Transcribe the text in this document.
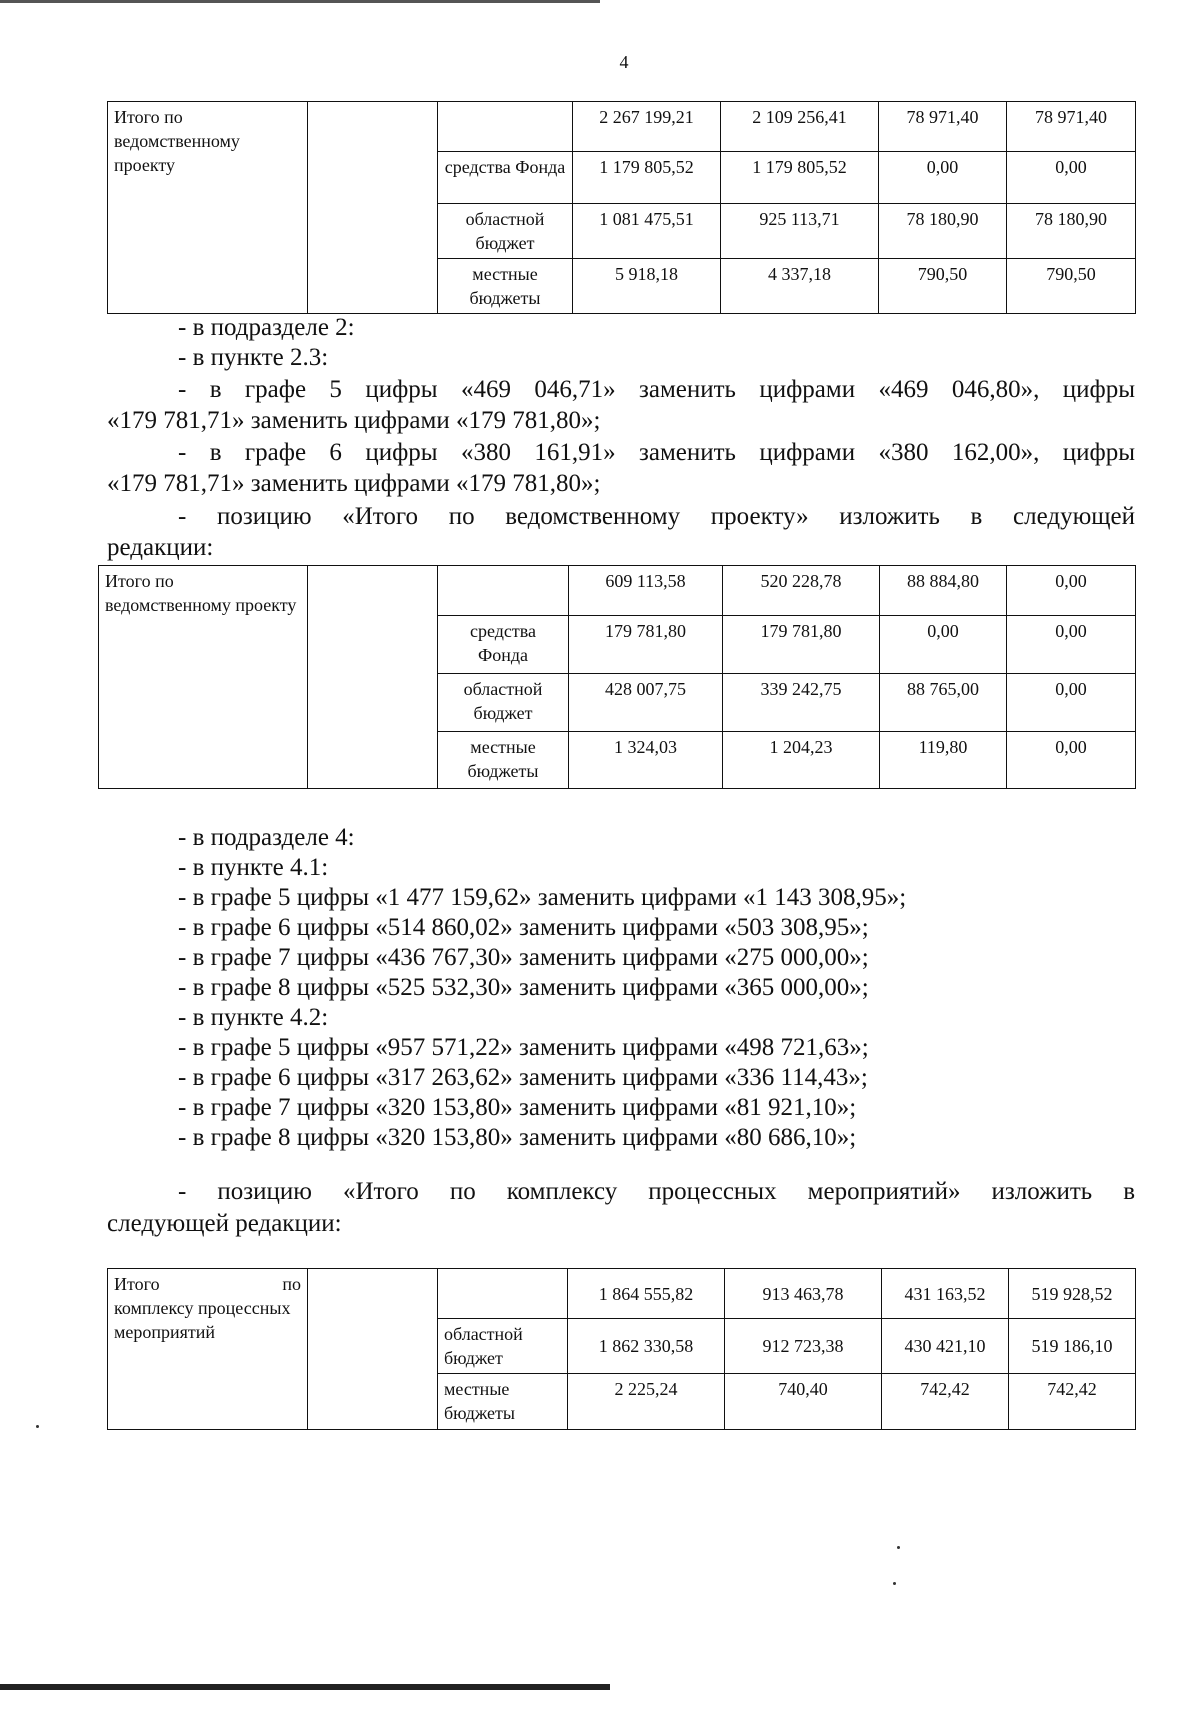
4
Итого по ведомственному проекту			2 267 199,21	2 109 256,41	78 971,40	78 971,40
		средства Фонда	1 179 805,52	1 179 805,52	0,00	0,00
		областной бюджет	1 081 475,51	925 113,71	78 180,90	78 180,90
		местные бюджеты	5 918,18	4 337,18	790,50	790,50
- в подразделе 2:
- в пункте 2.3:
- в графе 5 цифры «469 046,71» заменить цифрами «469 046,80», цифры
«179 781,71» заменить цифрами «179 781,80»;
- в графе 6 цифры «380 161,91» заменить цифрами «380 162,00», цифры
«179 781,71» заменить цифрами «179 781,80»;
- позицию «Итого по ведомственному проекту» изложить в следующей
редакции:
Итого по ведомственному проекту			609 113,58	520 228,78	88 884,80	0,00
		средства Фонда	179 781,80	179 781,80	0,00	0,00
		областной бюджет	428 007,75	339 242,75	88 765,00	0,00
		местные бюджеты	1 324,03	1 204,23	119,80	0,00
- в подразделе 4:
- в пункте 4.1:
- в графе 5 цифры «1 477 159,62» заменить цифрами «1 143 308,95»;
- в графе 6 цифры «514 860,02» заменить цифрами «503 308,95»;
- в графе 7 цифры «436 767,30» заменить цифрами «275 000,00»;
- в графе 8 цифры «525 532,30» заменить цифрами «365 000,00»;
- в пункте 4.2:
- в графе 5 цифры «957 571,22» заменить цифрами «498 721,63»;
- в графе 6 цифры «317 263,62» заменить цифрами «336 114,43»;
- в графе 7 цифры «320 153,80» заменить цифрами «81 921,10»;
- в графе 8 цифры «320 153,80» заменить цифрами «80 686,10»;
- позицию «Итого по комплексу процессных мероприятий» изложить в
следующей редакции:
Итого по
комплексу процессных мероприятий			1 864 555,82	913 463,78	431 163,52	519 928,52
		областной бюджет	1 862 330,58	912 723,38	430 421,10	519 186,10
		местные бюджеты	2 225,24	740,40	742,42	742,42
